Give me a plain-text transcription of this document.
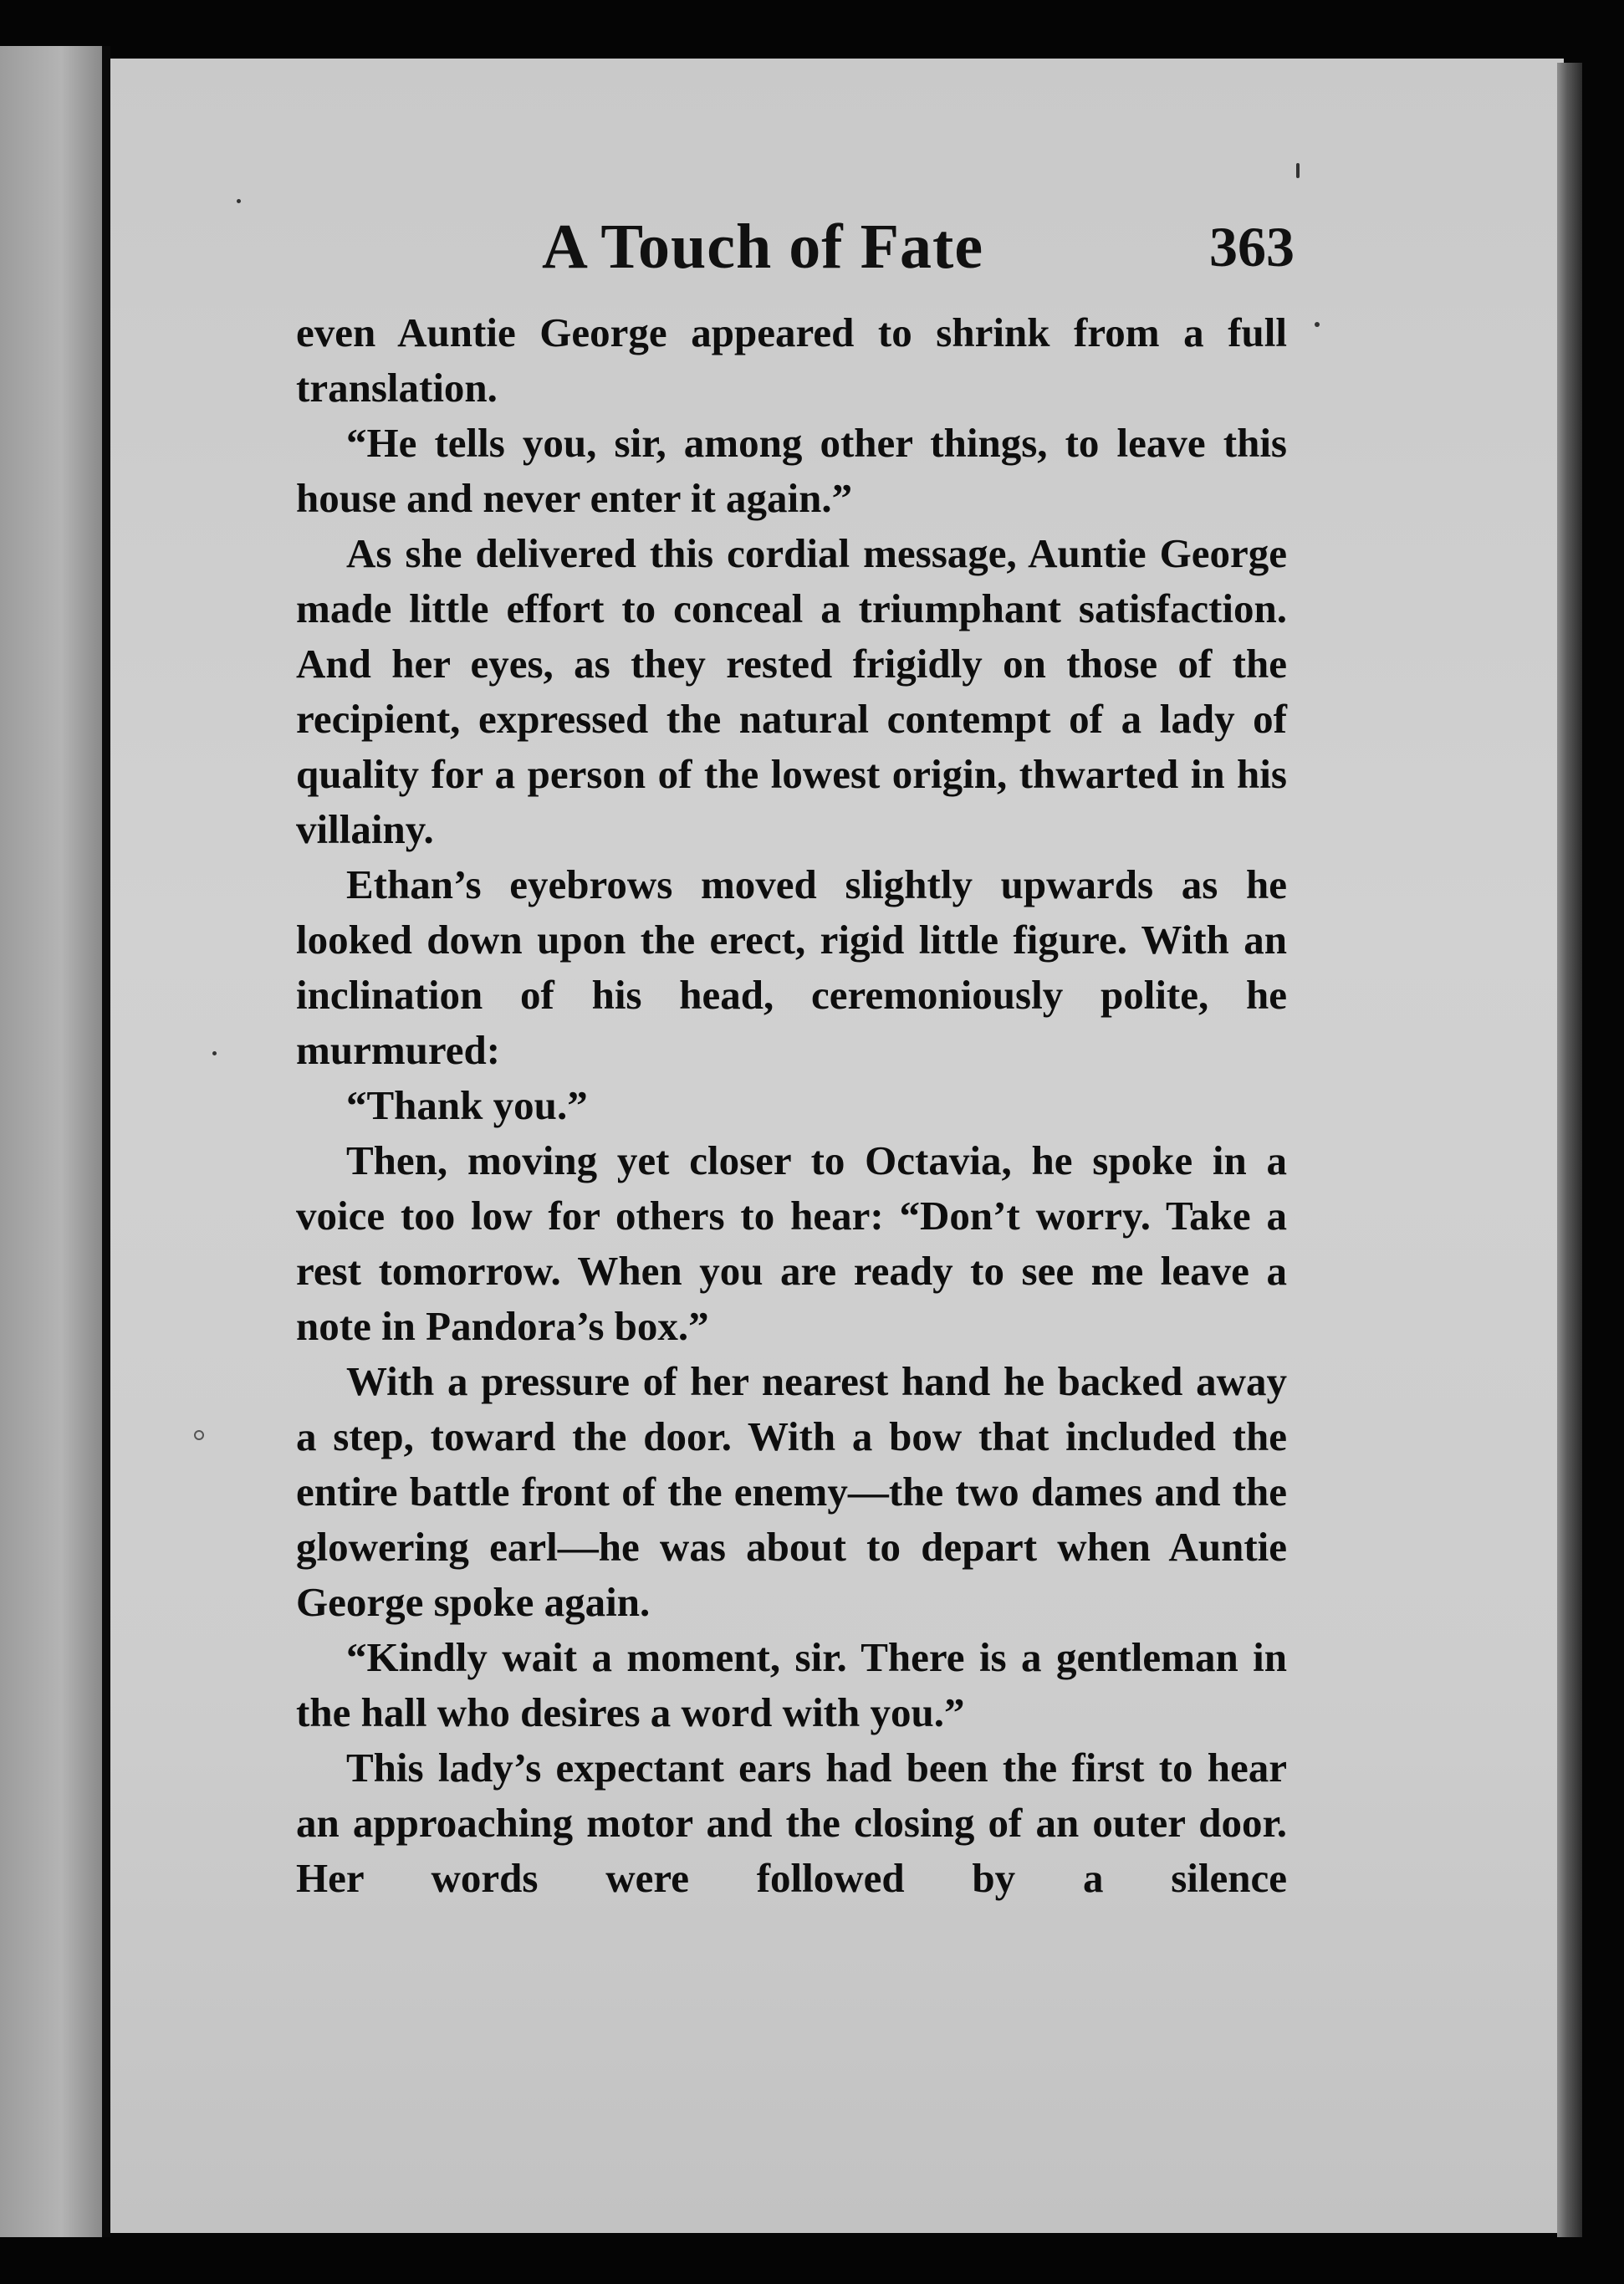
A Touch of Fate	363

even Auntie George appeared to shrink from a full translation.

“He tells you, sir, among other things, to leave this house and never enter it again.”

As she delivered this cordial message, Auntie George made little effort to conceal a triumphant satisfaction. And her eyes, as they rested frigidly on those of the recipient, expressed the natural contempt of a lady of quality for a person of the lowest origin, thwarted in his villainy.

Ethan’s eyebrows moved slightly upwards as he looked down upon the erect, rigid little figure. With an inclination of his head, ceremoniously polite, he murmured:

“Thank you.”

Then, moving yet closer to Octavia, he spoke in a voice too low for others to hear: “Don’t worry. Take a rest tomorrow. When you are ready to see me leave a note in Pandora’s box.”

With a pressure of her nearest hand he backed away a step, toward the door. With a bow that included the entire battle front of the enemy—the two dames and the glowering earl—he was about to depart when Auntie George spoke again.

“Kindly wait a moment, sir. There is a gentleman in the hall who desires a word with you.”

This lady’s expectant ears had been the first to hear an approaching motor and the closing of an outer door. Her words were followed by a silence
